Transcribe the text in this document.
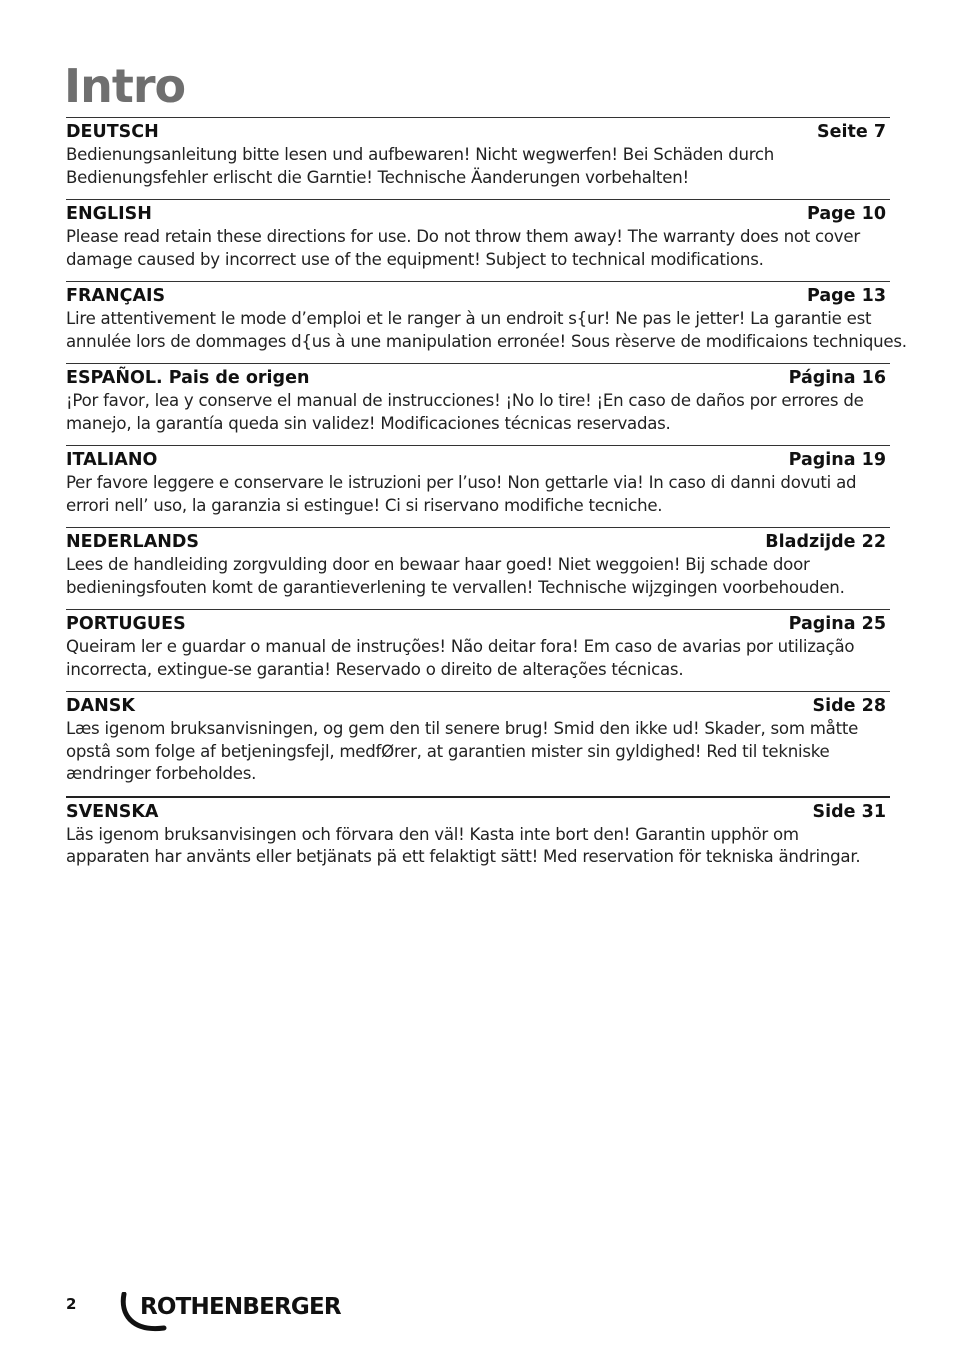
Intro
DEUTSCH	Seite 7
Bedienungsanleitung bitte lesen und aufbewaren! Nicht wegwerfen! Bei Schäden durch
Bedienungsfehler erlischt die Garntie! Technische Äanderungen vorbehalten!
ENGLISH	Page 10
Please read retain these directions for use. Do not throw them away! The warranty does not cover
damage caused by incorrect use of the equipment! Subject to technical modifications.
FRANÇAIS	Page 13
Lire attentivement le mode d’emploi et le ranger à un endroit s{ur! Ne pas le jetter! La garantie est
annulée lors de dommages d{us à une manipulation erronée! Sous rèserve de modificaions techniques.
ESPAÑOL. Pais de origen	Página 16
¡Por favor, lea y conserve el manual de instrucciones! ¡No lo tire! ¡En caso de daños por errores de
manejo, la garantía queda sin validez! Modificaciones técnicas reservadas.
ITALIANO	Pagina 19
Per favore leggere e conservare le istruzioni per l’uso! Non gettarle via! In caso di danni dovuti ad
errori nell’ uso, la garanzia si estingue! Ci si riservano modifiche tecniche.
NEDERLANDS	Bladzijde 22
Lees de handleiding zorgvulding door en bewaar haar goed! Niet weggoien! Bij schade door
bedieningsfouten komt de garantieverlening te vervallen! Technische wijzgingen voorbehouden.
PORTUGUES	Pagina 25
Queiram ler e guardar o manual de instruções! Não deitar fora! Em caso de avarias por utilização
incorrecta, extingue-se garantia! Reservado o direito de alterações técnicas.
DANSK	Side 28
Læs igenom bruksanvisningen, og gem den til senere brug! Smid den ikke ud! Skader, som måtte
opstâ som folge af betjeningsfejl, medfØrer, at garantien mister sin gyldighed! Red til tekniske
ændringer forbeholdes.
SVENSKA	Side 31
Läs igenom bruksanvisingen och förvara den väl! Kasta inte bort den! Garantin upphör om
apparaten har använts eller betjänats pä ett felaktigt sätt! Med reservation för tekniska ändringar.
2	ROTHENBERGER
